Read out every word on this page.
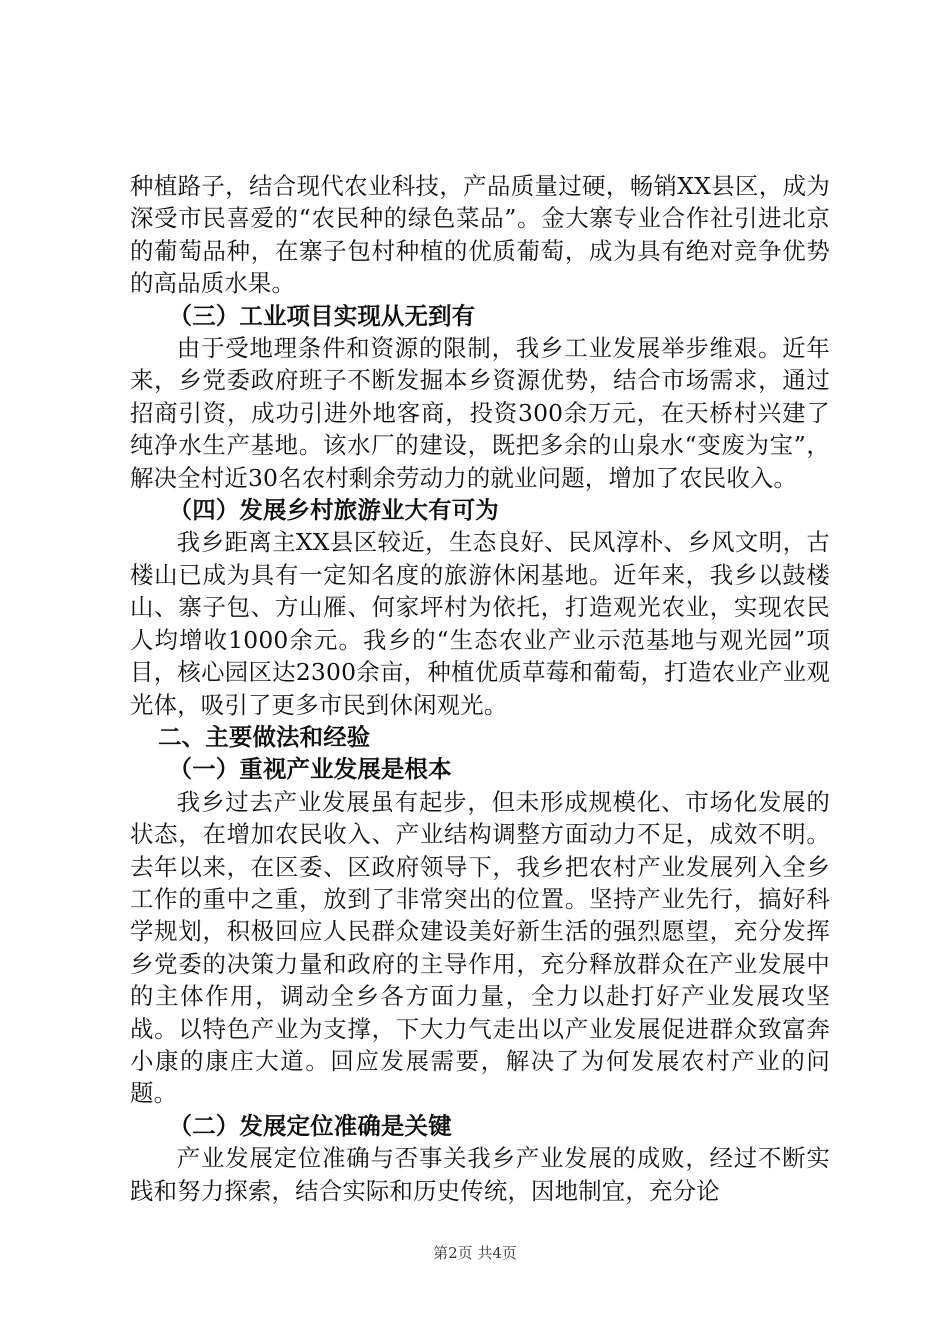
种植路子，结合现代农业科技，产品质量过硬，畅销XX县区，成为深受市民喜爱的“农民种的绿色菜品”。金大寨专业合作社引进北京的葡萄品种，在寨子包村种植的优质葡萄，成为具有绝对竞争优势的高品质水果。

（三）工业项目实现从无到有

由于受地理条件和资源的限制，我乡工业发展举步维艰。近年来，乡党委政府班子不断发掘本乡资源优势，结合市场需求，通过招商引资，成功引进外地客商，投资300余万元，在天桥村兴建了纯净水生产基地。该水厂的建设，既把多余的山泉水“变废为宝”，解决全村近30名农村剩余劳动力的就业问题，增加了农民收入。

（四）发展乡村旅游业大有可为

我乡距离主XX县区较近，生态良好、民风淳朴、乡风文明，古楼山已成为具有一定知名度的旅游休闲基地。近年来，我乡以鼓楼山、寨子包、方山雁、何家坪村为依托，打造观光农业，实现农民人均增收1000余元。我乡的“生态农业产业示范基地与观光园”项目，核心园区达2300余亩，种植优质草莓和葡萄，打造农业产业观光体，吸引了更多市民到休闲观光。

二、主要做法和经验

（一）重视产业发展是根本

我乡过去产业发展虽有起步，但未形成规模化、市场化发展的状态，在增加农民收入、产业结构调整方面动力不足，成效不明。去年以来，在区委、区政府领导下，我乡把农村产业发展列入全乡工作的重中之重，放到了非常突出的位置。坚持产业先行，搞好科学规划，积极回应人民群众建设美好新生活的强烈愿望，充分发挥乡党委的决策力量和政府的主导作用，充分释放群众在产业发展中的主体作用，调动全乡各方面力量，全力以赴打好产业发展攻坚战。以特色产业为支撑，下大力气走出以产业发展促进群众致富奔小康的康庄大道。回应发展需要，解决了为何发展农村产业的问题。

（二）发展定位准确是关键

产业发展定位准确与否事关我乡产业发展的成败，经过不断实践和努力探索，结合实际和历史传统，因地制宜，充分论

第2页 共4页
